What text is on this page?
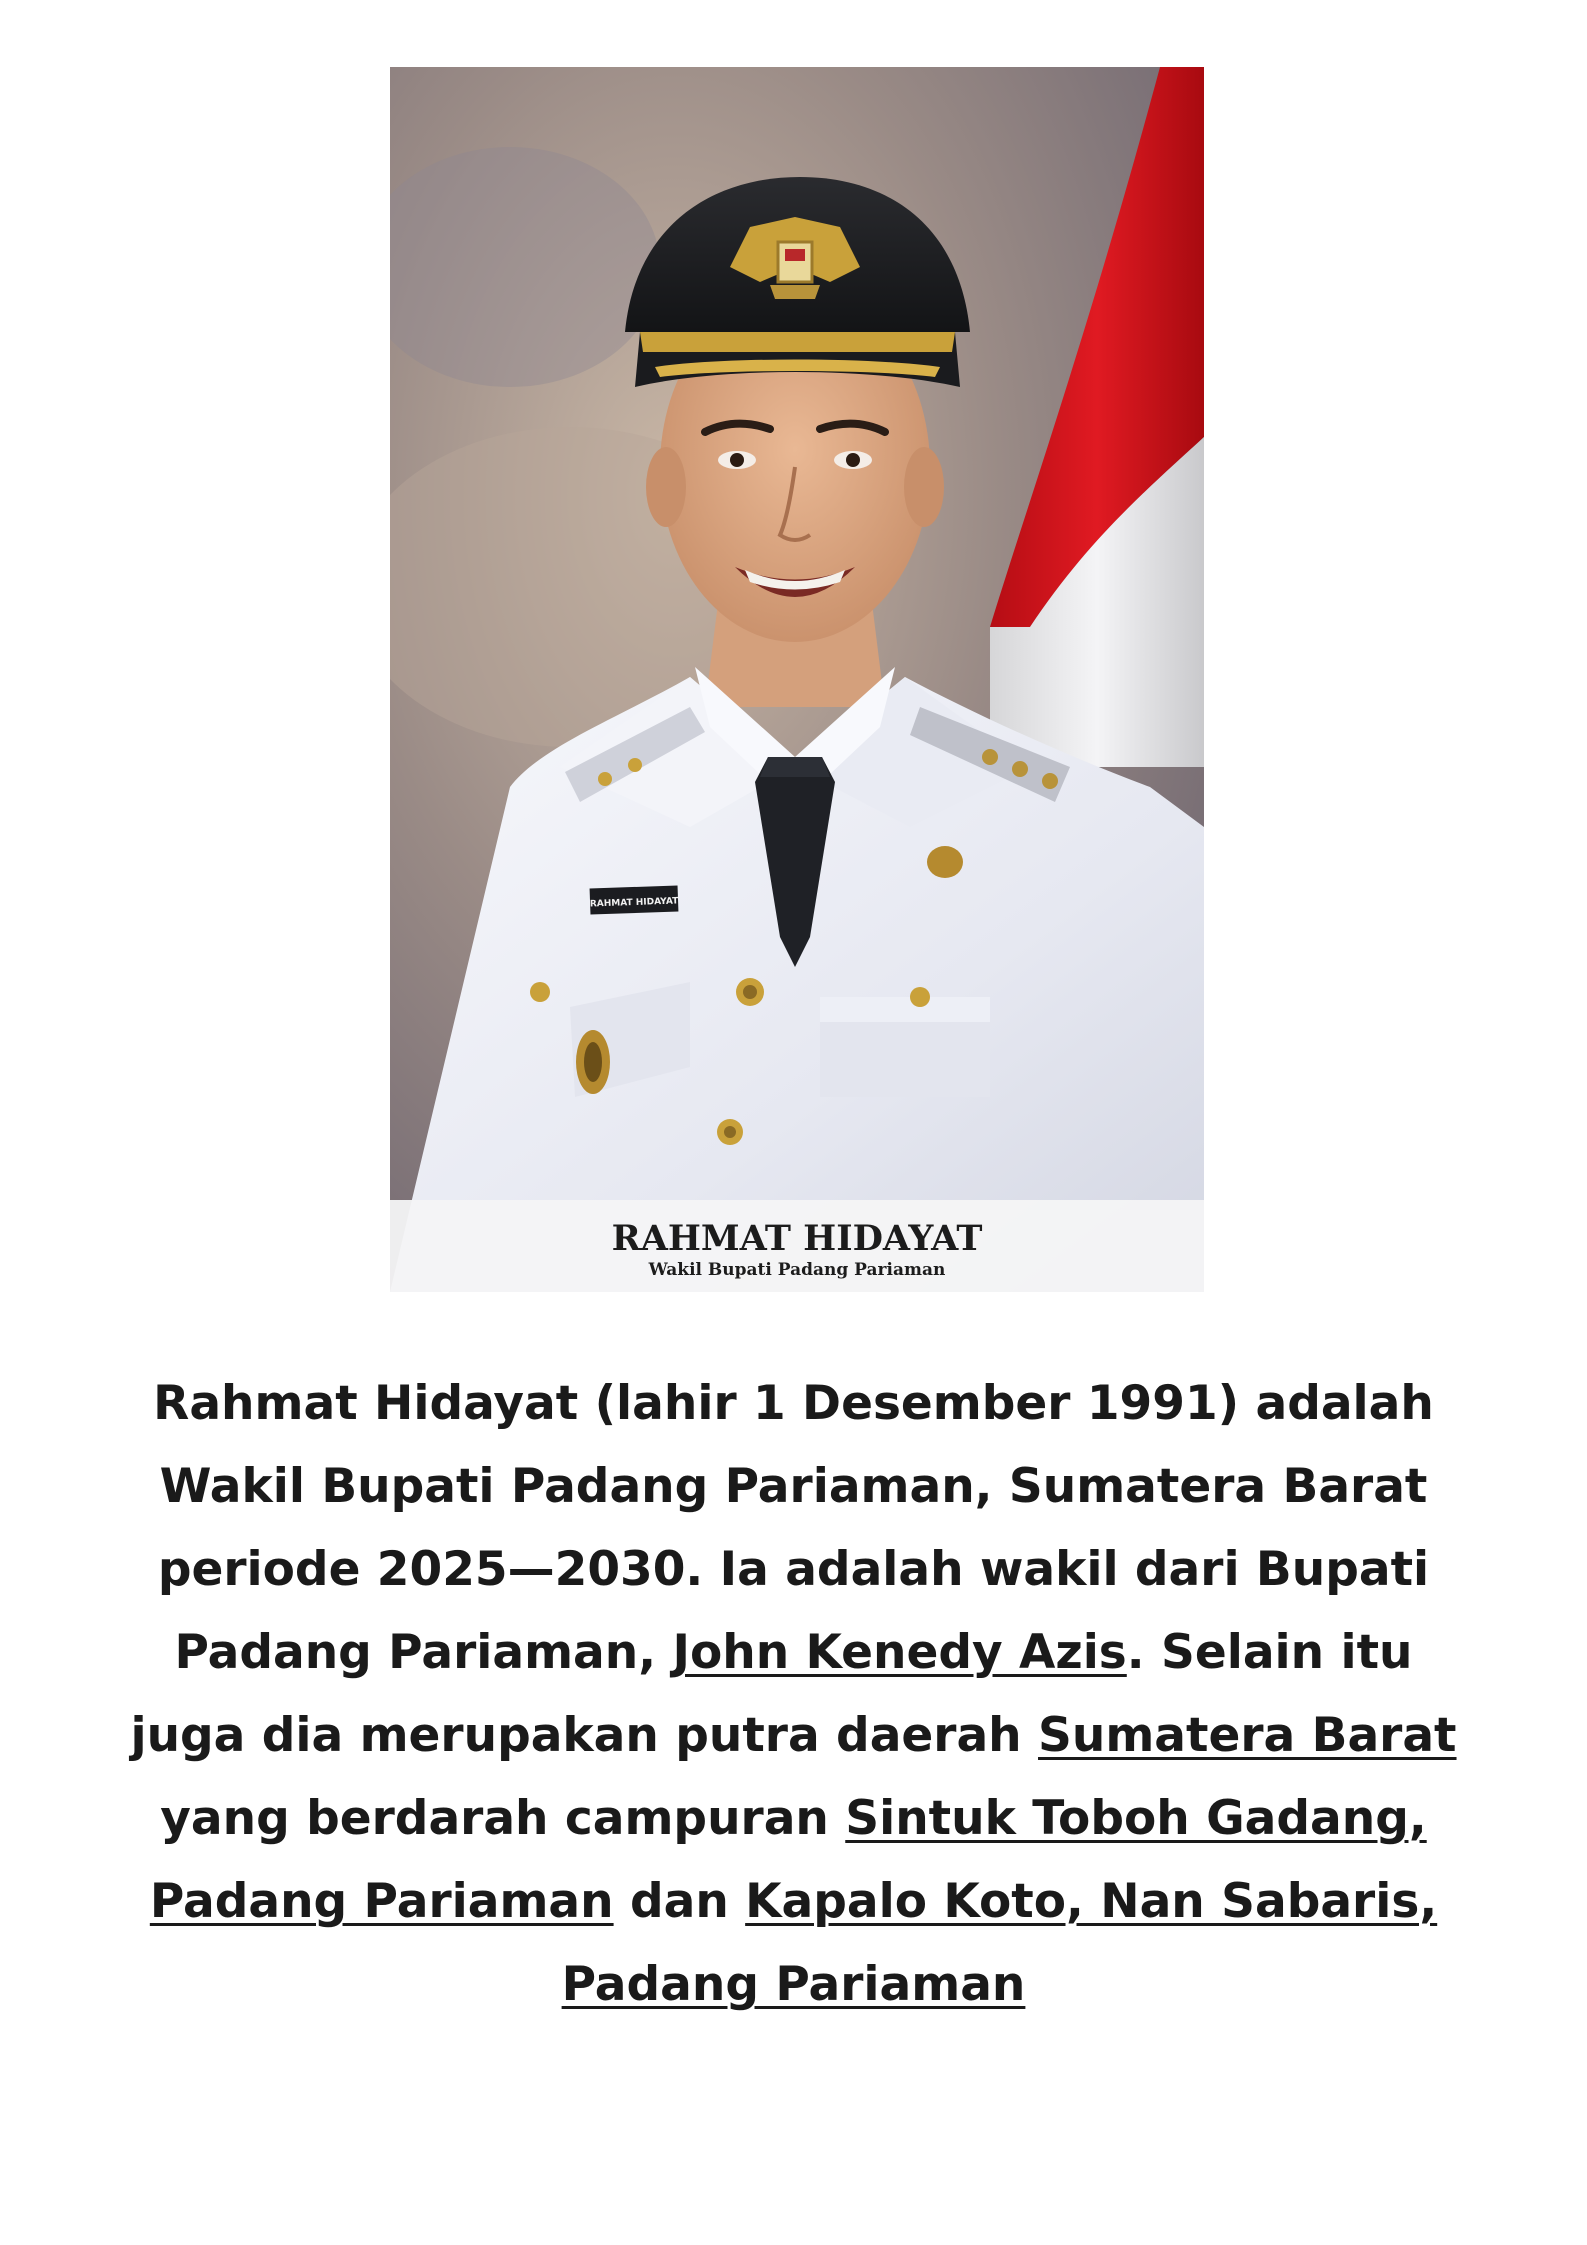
RAHMAT HIDAYAT
RAHMAT HIDAYAT
Wakil Bupati Padang Pariaman
Rahmat Hidayat (lahir 1 Desember 1991) adalah Wakil Bupati Padang Pariaman, Sumatera Barat periode 2025—2030. Ia adalah wakil dari Bupati Padang Pariaman, John Kenedy Azis. Selain itu juga dia merupakan putra daerah Sumatera Barat yang berdarah campuran Sintuk Toboh Gadang, Padang Pariaman dan Kapalo Koto, Nan Sabaris, Padang Pariaman
